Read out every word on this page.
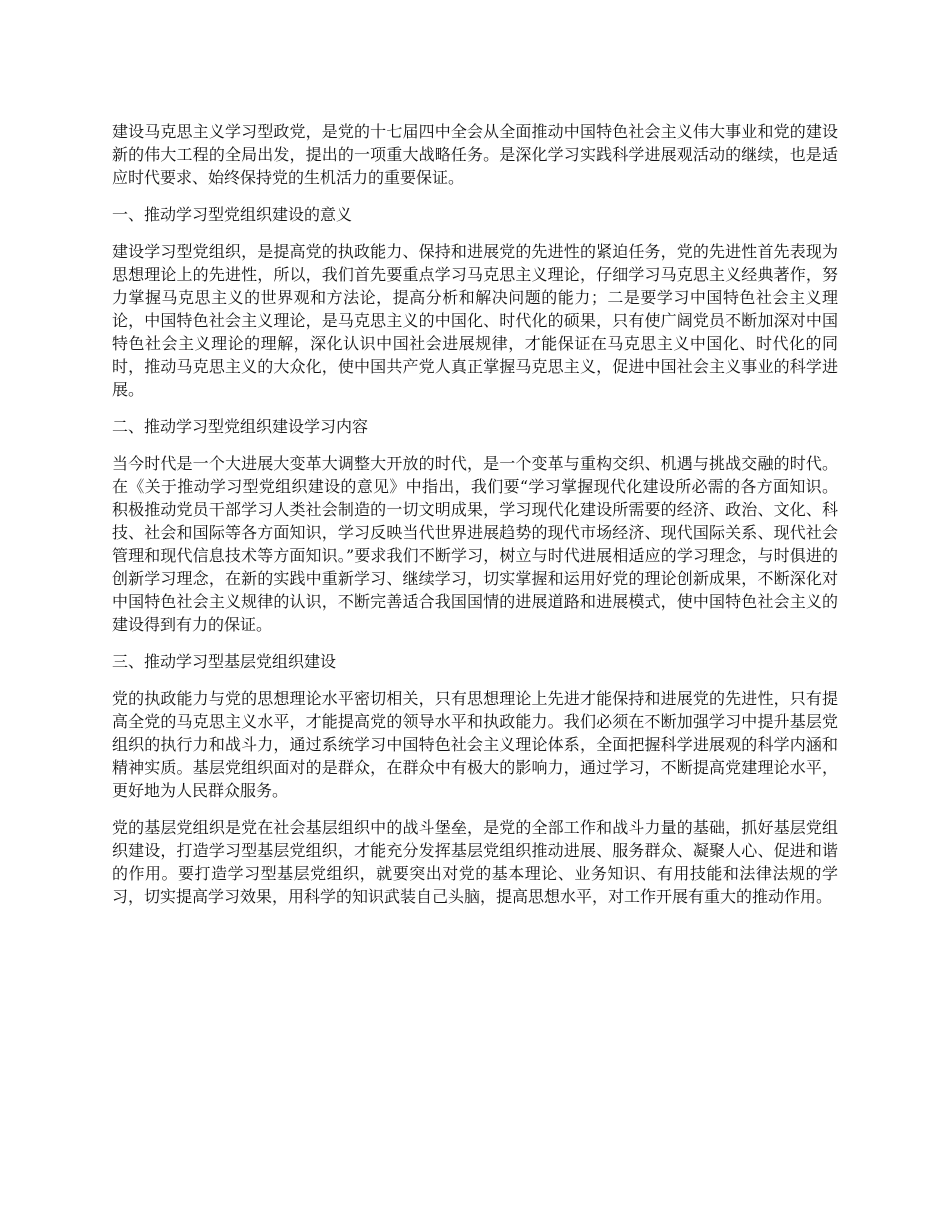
建设马克思主义学习型政党，是党的十七届四中全会从全面推动中国特色社会主义伟大事业和党的建设新的伟大工程的全局出发，提出的一项重大战略任务。是深化学习实践科学进展观活动的继续，也是适应时代要求、始终保持党的生机活力的重要保证。

一、推动学习型党组织建设的意义

建设学习型党组织，是提高党的执政能力、保持和进展党的先进性的紧迫任务，党的先进性首先表现为思想理论上的先进性，所以，我们首先要重点学习马克思主义理论，仔细学习马克思主义经典著作，努力掌握马克思主义的世界观和方法论，提高分析和解决问题的能力；二是要学习中国特色社会主义理论，中国特色社会主义理论，是马克思主义的中国化、时代化的硕果，只有使广阔党员不断加深对中国特色社会主义理论的理解，深化认识中国社会进展规律，才能保证在马克思主义中国化、时代化的同时，推动马克思主义的大众化，使中国共产党人真正掌握马克思主义，促进中国社会主义事业的科学进展。

二、推动学习型党组织建设学习内容

当今时代是一个大进展大变革大调整大开放的时代，是一个变革与重构交织、机遇与挑战交融的时代。在《关于推动学习型党组织建设的意见》中指出，我们要“学习掌握现代化建设所必需的各方面知识。积极推动党员干部学习人类社会制造的一切文明成果，学习现代化建设所需要的经济、政治、文化、科技、社会和国际等各方面知识，学习反映当代世界进展趋势的现代市场经济、现代国际关系、现代社会管理和现代信息技术等方面知识。”要求我们不断学习，树立与时代进展相适应的学习理念，与时俱进的创新学习理念，在新的实践中重新学习、继续学习，切实掌握和运用好党的理论创新成果，不断深化对中国特色社会主义规律的认识，不断完善适合我国国情的进展道路和进展模式，使中国特色社会主义的建设得到有力的保证。

三、推动学习型基层党组织建设

党的执政能力与党的思想理论水平密切相关，只有思想理论上先进才能保持和进展党的先进性，只有提高全党的马克思主义水平，才能提高党的领导水平和执政能力。我们必须在不断加强学习中提升基层党组织的执行力和战斗力，通过系统学习中国特色社会主义理论体系，全面把握科学进展观的科学内涵和精神实质。基层党组织面对的是群众，在群众中有极大的影响力，通过学习，不断提高党建理论水平，更好地为人民群众服务。

党的基层党组织是党在社会基层组织中的战斗堡垒，是党的全部工作和战斗力量的基础，抓好基层党组织建设，打造学习型基层党组织，才能充分发挥基层党组织推动进展、服务群众、凝聚人心、促进和谐的作用。要打造学习型基层党组织，就要突出对党的基本理论、业务知识、有用技能和法律法规的学习，切实提高学习效果，用科学的知识武装自己头脑，提高思想水平，对工作开展有重大的推动作用。
